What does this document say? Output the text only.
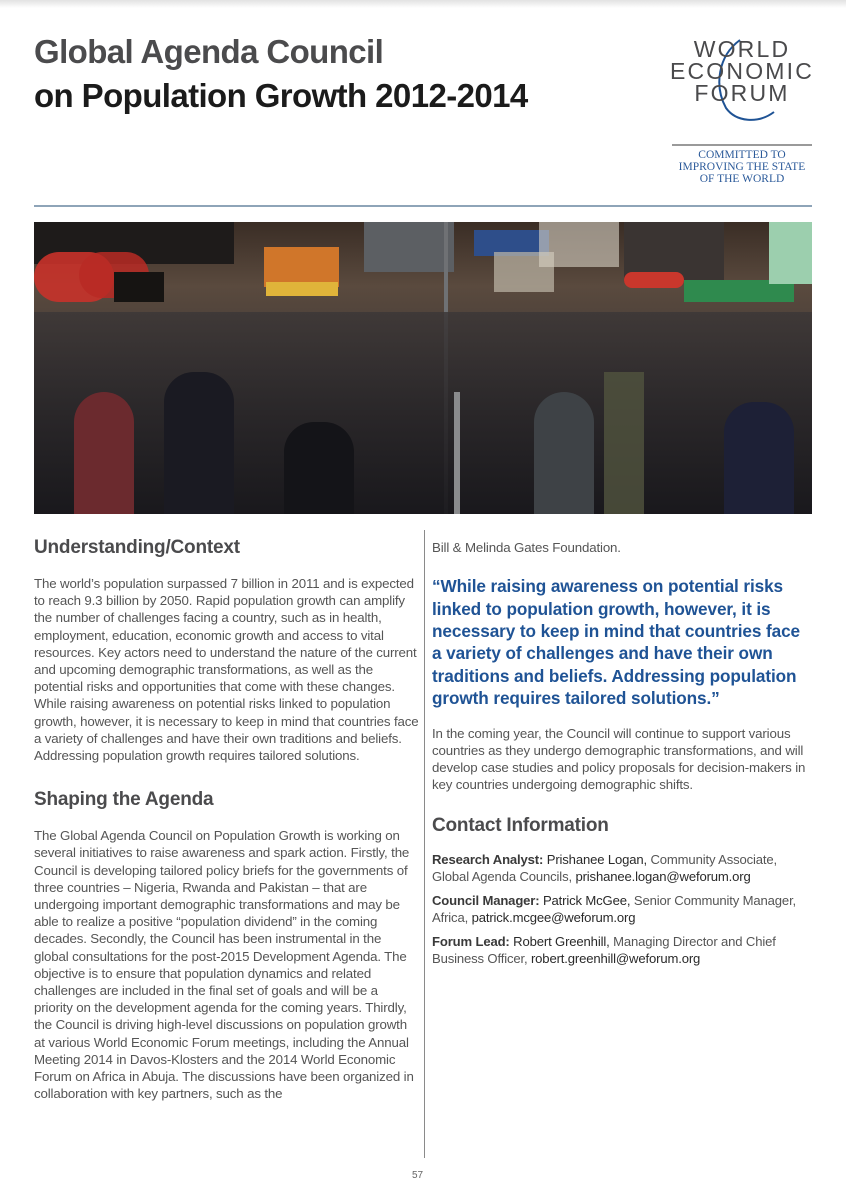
Global Agenda Council
on Population Growth 2012-2014
WORLD
ECONOMIC
FORUM
COMMITTED TO
IMPROVING THE STATE
OF THE WORLD
Understanding/Context

The world’s population surpassed 7 billion in 2011 and is expected to reach 9.3 billion by 2050. Rapid population growth can amplify the number of challenges facing a country, such as in health, employment, education, economic growth and access to vital resources. Key actors need to understand the nature of the current and upcoming demographic transformations, as well as the potential risks and opportunities that come with these changes. While raising awareness on potential risks linked to population growth, however, it is necessary to keep in mind that countries face a variety of challenges and have their own traditions and beliefs. Addressing population growth requires tailored solutions.

Shaping the Agenda

The Global Agenda Council on Population Growth is working on several initiatives to raise awareness and spark action. Firstly, the Council is developing tailored policy briefs for the governments of three countries – Nigeria, Rwanda and Pakistan – that are undergoing important demographic transformations and may be able to realize a positive “population dividend” in the coming decades. Secondly, the Council has been instrumental in the global consultations for the post-2015 Development Agenda. The objective is to ensure that population dynamics and related challenges are included in the final set of goals and will be a priority on the development agenda for the coming years. Thirdly, the Council is driving high-level discussions on population growth at various World Economic Forum meetings, including the Annual Meeting 2014 in Davos-Klosters and the 2014 World Economic Forum on Africa in Abuja. The discussions have been organized in collaboration with key partners, such as the

Bill & Melinda Gates Foundation.

“While raising awareness on potential risks linked to population growth, however, it is necessary to keep in mind that countries face a variety of challenges and have their own traditions and beliefs. Addressing population growth requires tailored solutions.”

In the coming year, the Council will continue to support various countries as they undergo demographic transformations, and will develop case studies and policy proposals for decision-makers in key countries undergoing demographic shifts.

Contact Information
Research Analyst: Prishanee Logan, Community Associate, Global Agenda Councils, prishanee.logan@weforum.org
Council Manager: Patrick McGee, Senior Community Manager, Africa, patrick.mcgee@weforum.org
Forum Lead: Robert Greenhill, Managing Director and Chief Business Officer, robert.greenhill@weforum.org
57
